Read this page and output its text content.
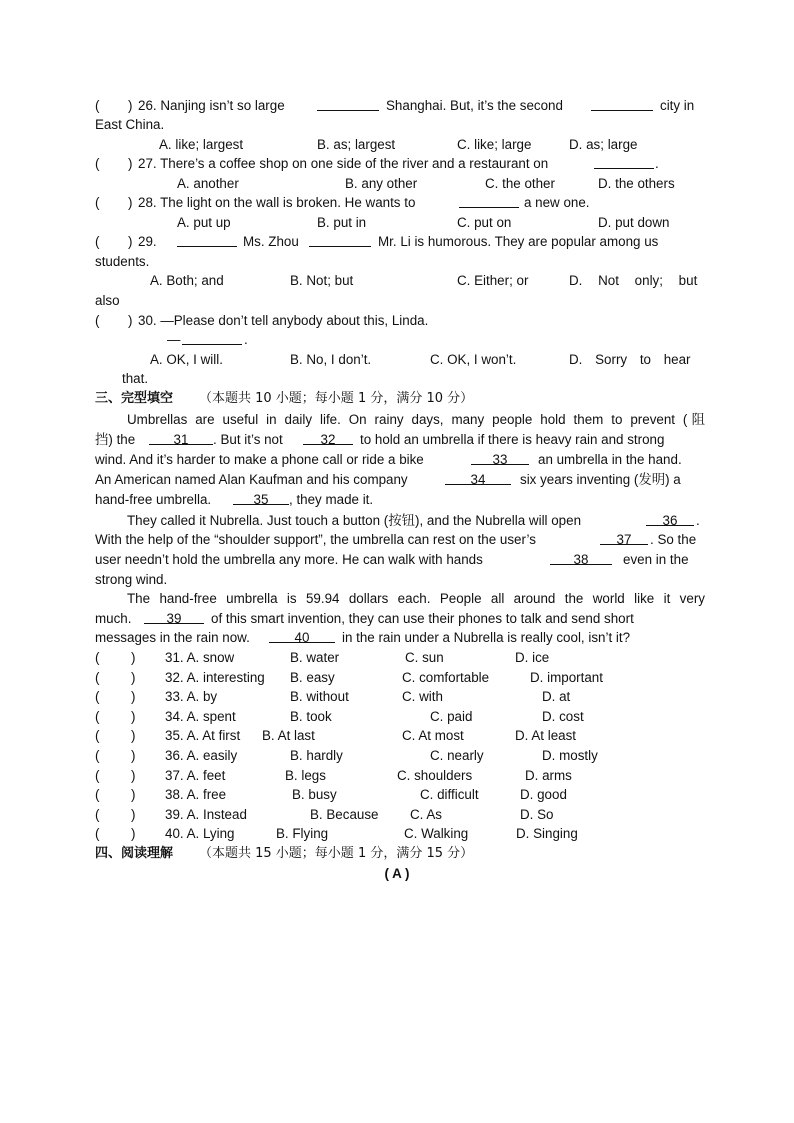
( ) 26. Nanjing isn’t so large	Shanghai. But, it’s the second	city in
East China.
A. like; largest	B. as; largest	C. like; large	D. as; large
( ) 27. There’s a coffee shop on one side of the river and a restaurant on	.
A. another	B. any other	C. the other	D. the others
( ) 28. The light on the wall is broken. He wants to	a new one.
A. put up	B. put in	C. put on	D. put down
( ) 29.	Ms. Zhou	Mr. Li is humorous. They are popular among us
students.
A. Both; and	B. Not; but	C. Either; or	D. Not only; but
also
( ) 30. —Please don’t tell anybody about this, Linda.
—	.
A. OK, I will.	B. No, I don’t.	C. OK, I won’t.	D. Sorry to hear
that.
三、完型填空 （本题共 10 小题；每小题 1 分，满分 10 分）
Umbrellas are useful in daily life. On rainy days, many people hold them to prevent (阻
挡) the	31	. But it’s not	32	to hold an umbrella if there is heavy rain and strong
wind. And it’s harder to make a phone call or ride a bike	33	an umbrella in the hand.
An American named Alan Kaufman and his company	34	six years inventing (发明) a
hand-free umbrella.	35	, they made it.
They called it Nubrella. Just touch a button (按钮), and the Nubrella will open	36	.
With the help of the “shoulder support”, the umbrella can rest on the user’s	37	. So the
user needn’t hold the umbrella any more. He can walk with hands	38	even in the
strong wind.
The hand-free umbrella is 59.94 dollars each. People all around the world like it very
much.	39	of this smart invention, they can use their phones to talk and send short
messages in the rain now.	40	in the rain under a Nubrella is really cool, isn’t it?
( ) 31. A. snow	B. water	C. sun	D. ice
( ) 32. A. interesting B. easy	C. comfortable	D. important
( ) 33. A. by	B. without	C. with	D. at
( ) 34. A. spent	B. took	C. paid	D. cost
( ) 35. A. At first B. At last	C. At most	D. At least
( ) 36. A. easily	B. hardly	C. nearly	D. mostly
( ) 37. A. feet	B. legs	C. shoulders	D. arms
( ) 38. A. free	B. busy	C. difficult	D. good
( ) 39. A. Instead	B. Because C. As	D. So
( ) 40. A. Lying	B. Flying	C. Walking	D. Singing
四、阅读理解 （本题共 15 小题；每小题 1 分，满分 15 分）
( A )
